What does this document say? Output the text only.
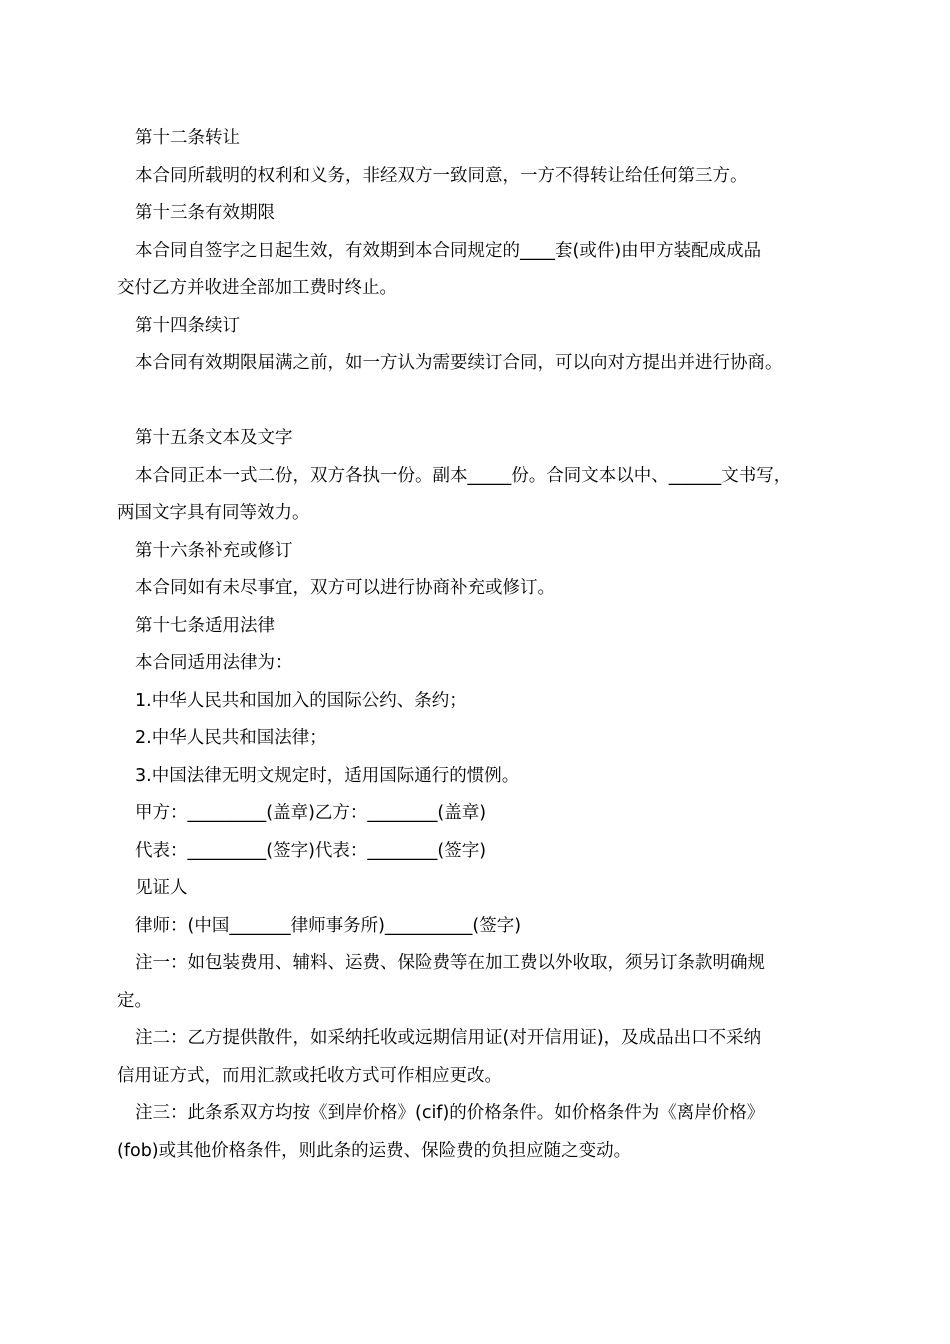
第十二条转让
本合同所载明的权利和义务，非经双方一致同意，一方不得转让给任何第三方。
第十三条有效期限
本合同自签字之日起生效，有效期到本合同规定的____套(或件)由甲方装配成成品
交付乙方并收进全部加工费时终止。
第十四条续订
本合同有效期限届满之前，如一方认为需要续订合同，可以向对方提出并进行协商。
第十五条文本及文字
本合同正本一式二份，双方各执一份。副本_____份。合同文本以中、______文书写，
两国文字具有同等效力。
第十六条补充或修订
本合同如有未尽事宜，双方可以进行协商补充或修订。
第十七条适用法律
本合同适用法律为：
1.中华人民共和国加入的国际公约、条约；
2.中华人民共和国法律；
3.中国法律无明文规定时，适用国际通行的惯例。
甲方：_________(盖章)乙方：________(盖章)
代表：_________(签字)代表：________(签字)
见证人
律师：(中国_______律师事务所)__________(签字)
注一：如包装费用、辅料、运费、保险费等在加工费以外收取，须另订条款明确规
定。
注二：乙方提供散件，如采纳托收或远期信用证(对开信用证)，及成品出口不采纳
信用证方式，而用汇款或托收方式可作相应更改。
注三：此条系双方均按《到岸价格》(cif)的价格条件。如价格条件为《离岸价格》
(fob)或其他价格条件，则此条的运费、保险费的负担应随之变动。
